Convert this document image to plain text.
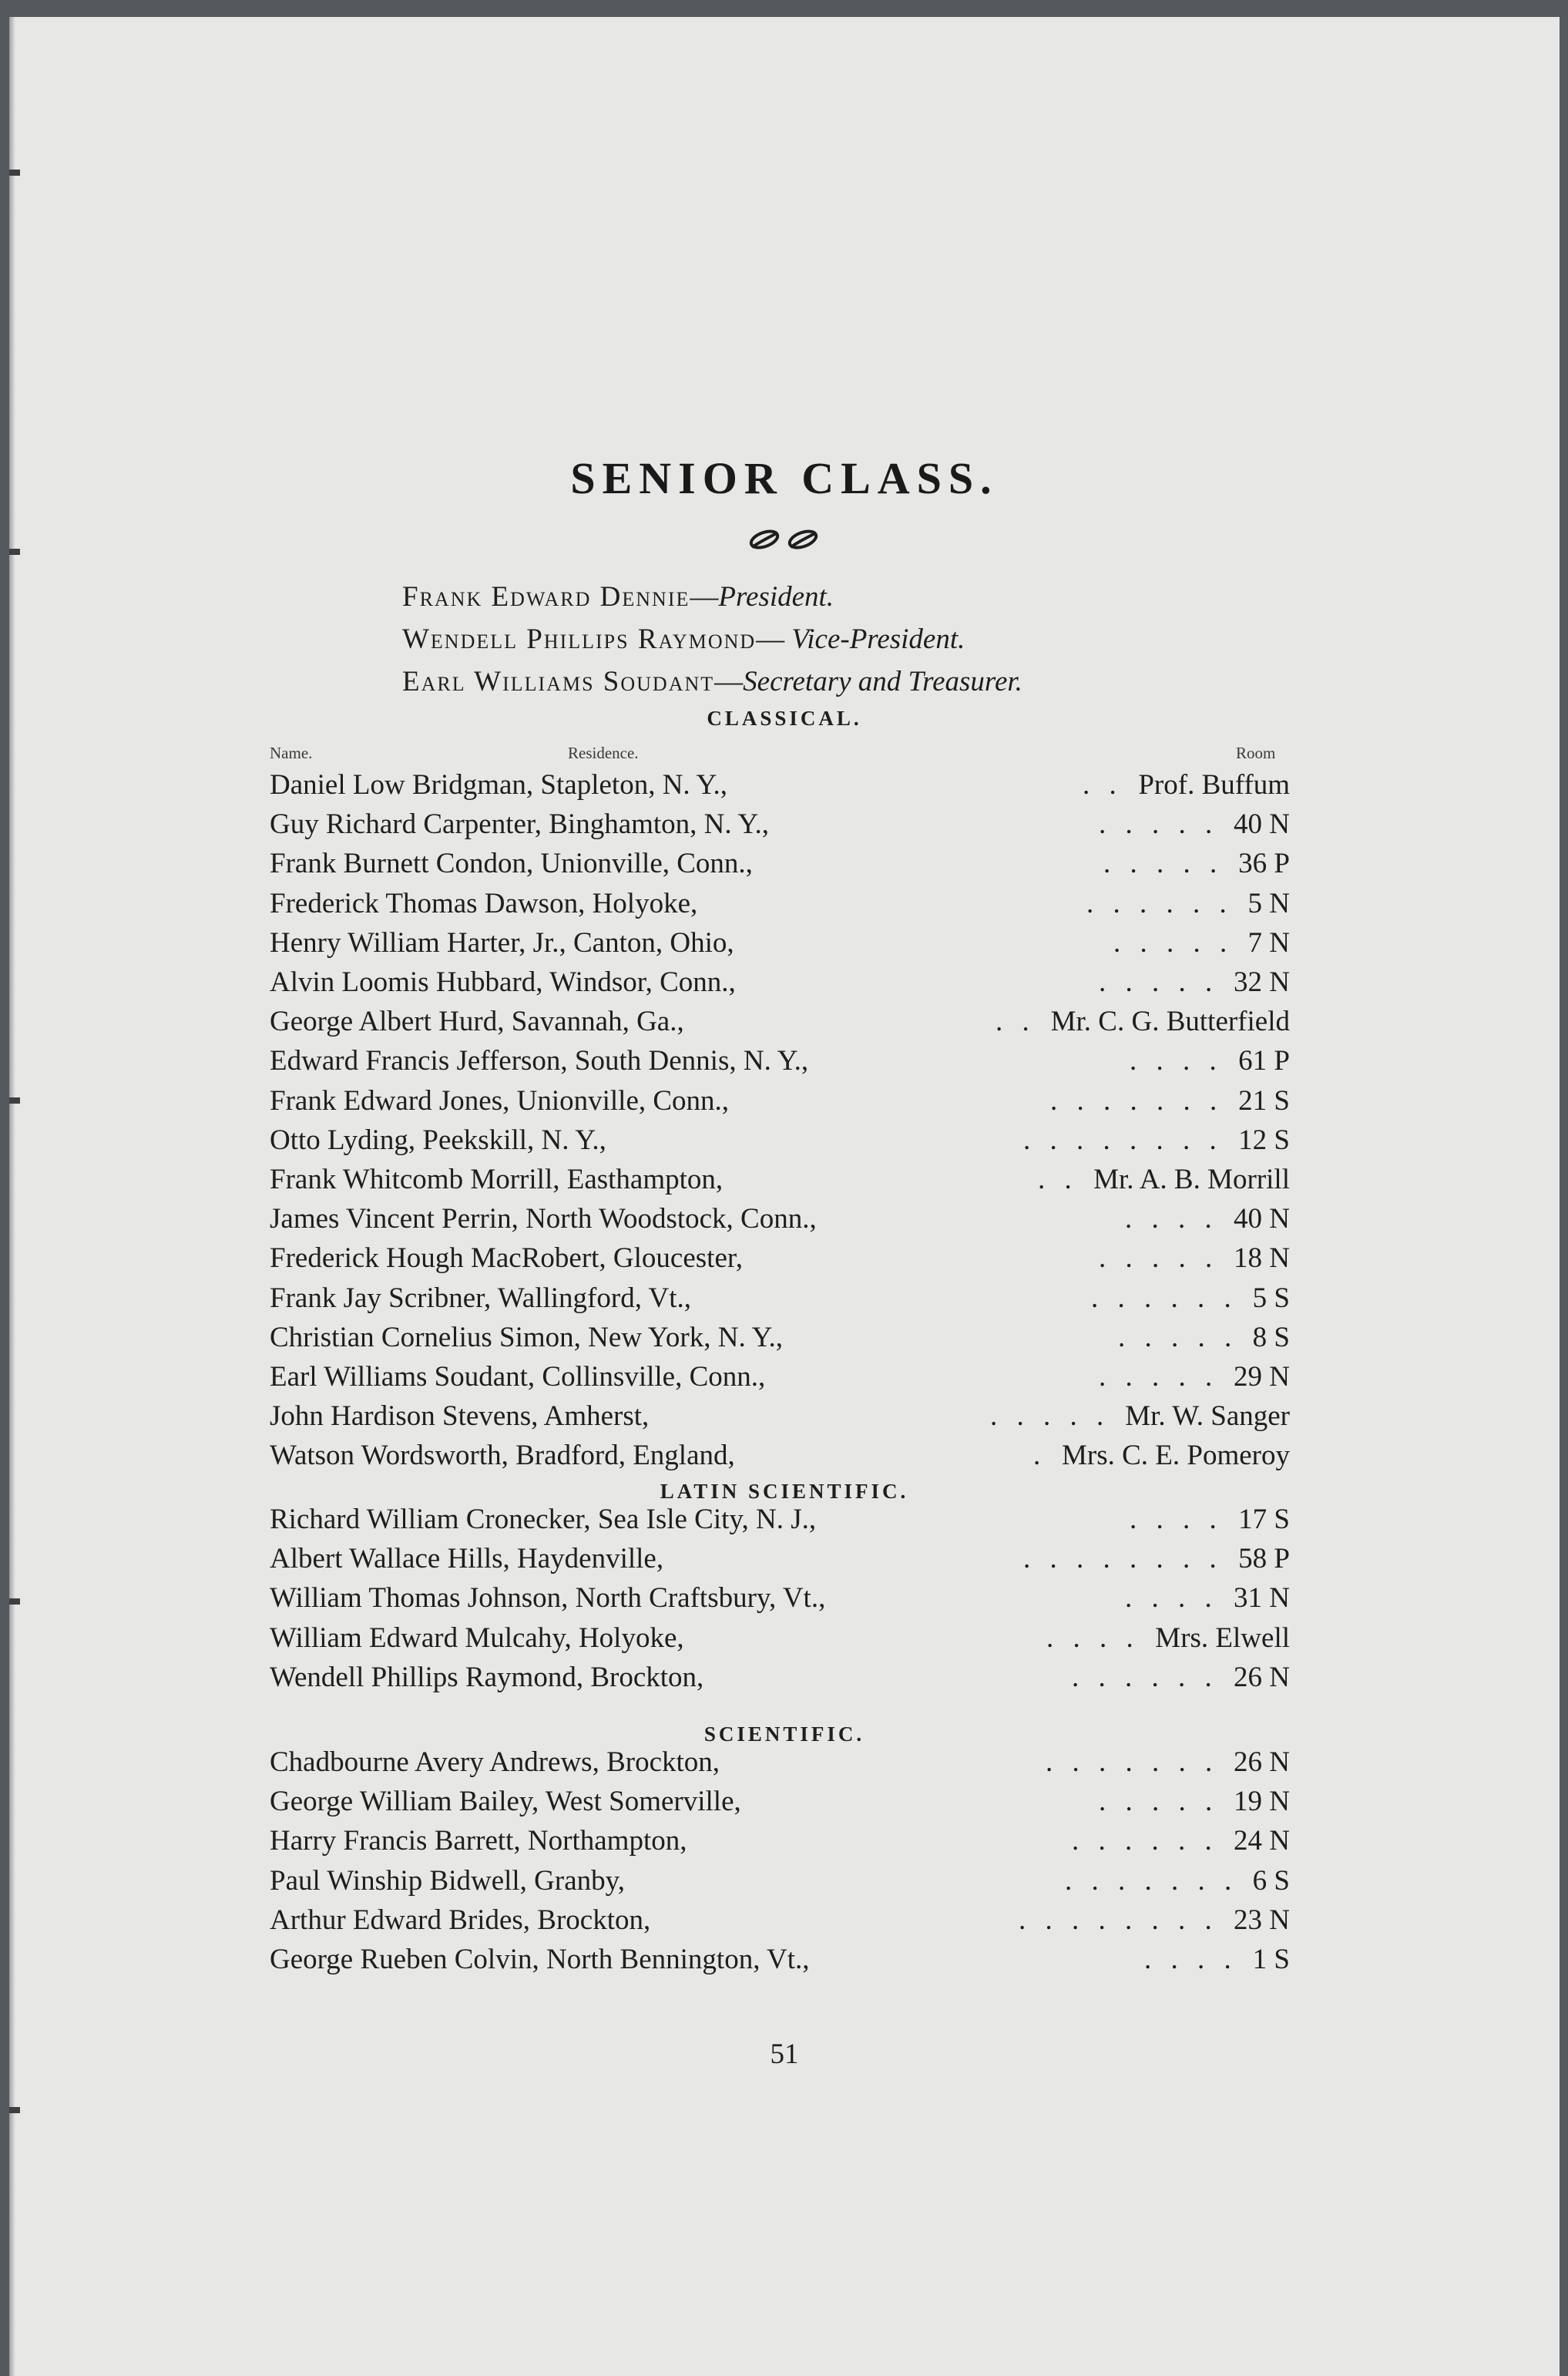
SENIOR CLASS.
Frank Edward Dennie—President.
Wendell Phillips Raymond— Vice-President.
Earl Williams Soudant—Secretary and Treasurer.
CLASSICAL.
Name.	Residence.	Room
Daniel Low Bridgman, Stapleton, N. Y.,	. . Prof. Buffum
Guy Richard Carpenter, Binghamton, N. Y.,	. . . . . 40 N
Frank Burnett Condon, Unionville, Conn.,	. . . . . 36 P
Frederick Thomas Dawson, Holyoke,	. . . . . . 5 N
Henry William Harter, Jr., Canton, Ohio,	. . . . . 7 N
Alvin Loomis Hubbard, Windsor, Conn.,	. . . . . 32 N
George Albert Hurd, Savannah, Ga.,	. . Mr. C. G. Butterfield
Edward Francis Jefferson, South Dennis, N. Y.,	. . . . 61 P
Frank Edward Jones, Unionville, Conn.,	. . . . . . . 21 S
Otto Lyding, Peekskill, N. Y.,	. . . . . . . . 12 S
Frank Whitcomb Morrill, Easthampton,	. . Mr. A. B. Morrill
James Vincent Perrin, North Woodstock, Conn.,	. . . . 40 N
Frederick Hough MacRobert, Gloucester,	. . . . . 18 N
Frank Jay Scribner, Wallingford, Vt.,	. . . . . . 5 S
Christian Cornelius Simon, New York, N. Y.,	. . . . . 8 S
Earl Williams Soudant, Collinsville, Conn.,	. . . . . 29 N
John Hardison Stevens, Amherst,	. . . . . Mr. W. Sanger
Watson Wordsworth, Bradford, England,	. Mrs. C. E. Pomeroy
LATIN SCIENTIFIC.
Richard William Cronecker, Sea Isle City, N. J.,	. . . . 17 S
Albert Wallace Hills, Haydenville,	. . . . . . . . 58 P
William Thomas Johnson, North Craftsbury, Vt.,	. . . . 31 N
William Edward Mulcahy, Holyoke,	. . . . Mrs. Elwell
Wendell Phillips Raymond, Brockton,	. . . . . . 26 N
SCIENTIFIC.
Chadbourne Avery Andrews, Brockton,	. . . . . . . 26 N
George William Bailey, West Somerville,	. . . . . 19 N
Harry Francis Barrett, Northampton,	. . . . . . 24 N
Paul Winship Bidwell, Granby,	. . . . . . . 6 S
Arthur Edward Brides, Brockton,	. . . . . . . . 23 N
George Rueben Colvin, North Bennington, Vt.,	. . . . 1 S
51
